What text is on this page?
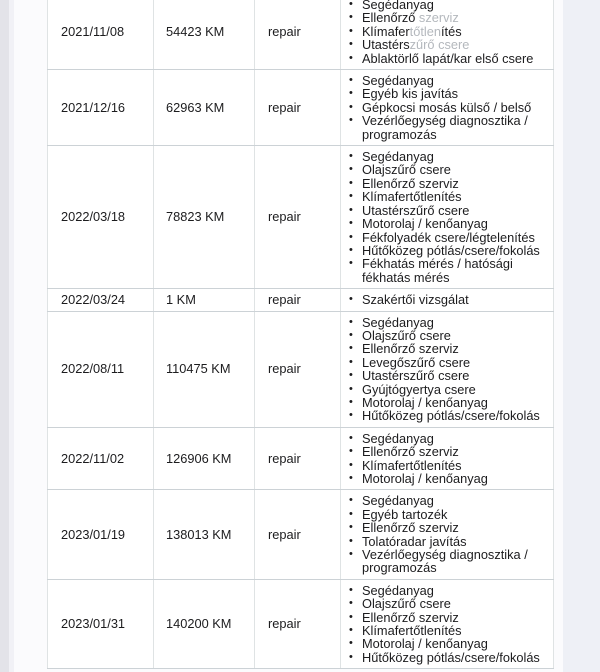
2021/11/08	54423 KM	repair	
• Segédanyag
• Ellenőrző szerviz
• Klímafertőtlenítés
• Utastérszűrő csere
• Ablaktörlő lapát/kar első csere

2021/12/16	62963 KM	repair	
• Segédanyag
• Egyéb kis javítás
• Gépkocsi mosás külső / belső
• Vezérlőegység diagnosztika / programozás

2022/03/18	78823 KM	repair	
• Segédanyag
• Olajszűrő csere
• Ellenőrző szerviz
• Klímafertőtlenítés
• Utastérszűrő csere
• Motorolaj / kenőanyag
• Fékfolyadék csere/légtelenítés
• Hűtőközeg pótlás/csere/fokolás
• Fékhatás mérés / hatósági fékhatás mérés

2022/03/24	1 KM	repair	• Szakértői vizsgálat

2022/08/11	110475 KM	repair	
• Segédanyag
• Olajszűrő csere
• Ellenőrző szerviz
• Levegőszűrő csere
• Utastérszűrő csere
• Gyújtógyertya csere
• Motorolaj / kenőanyag
• Hűtőközeg pótlás/csere/fokolás

2022/11/02	126906 KM	repair	
• Segédanyag
• Ellenőrző szerviz
• Klímafertőtlenítés
• Motorolaj / kenőanyag

2023/01/19	138013 KM	repair	
• Segédanyag
• Egyéb tartozék
• Ellenőrző szerviz
• Tolatóradar javítás
• Vezérlőegység diagnosztika / programozás

2023/01/31	140200 KM	repair	
• Segédanyag
• Olajszűrő csere
• Ellenőrző szerviz
• Klímafertőtlenítés
• Motorolaj / kenőanyag
• Hűtőközeg pótlás/csere/fokolás
